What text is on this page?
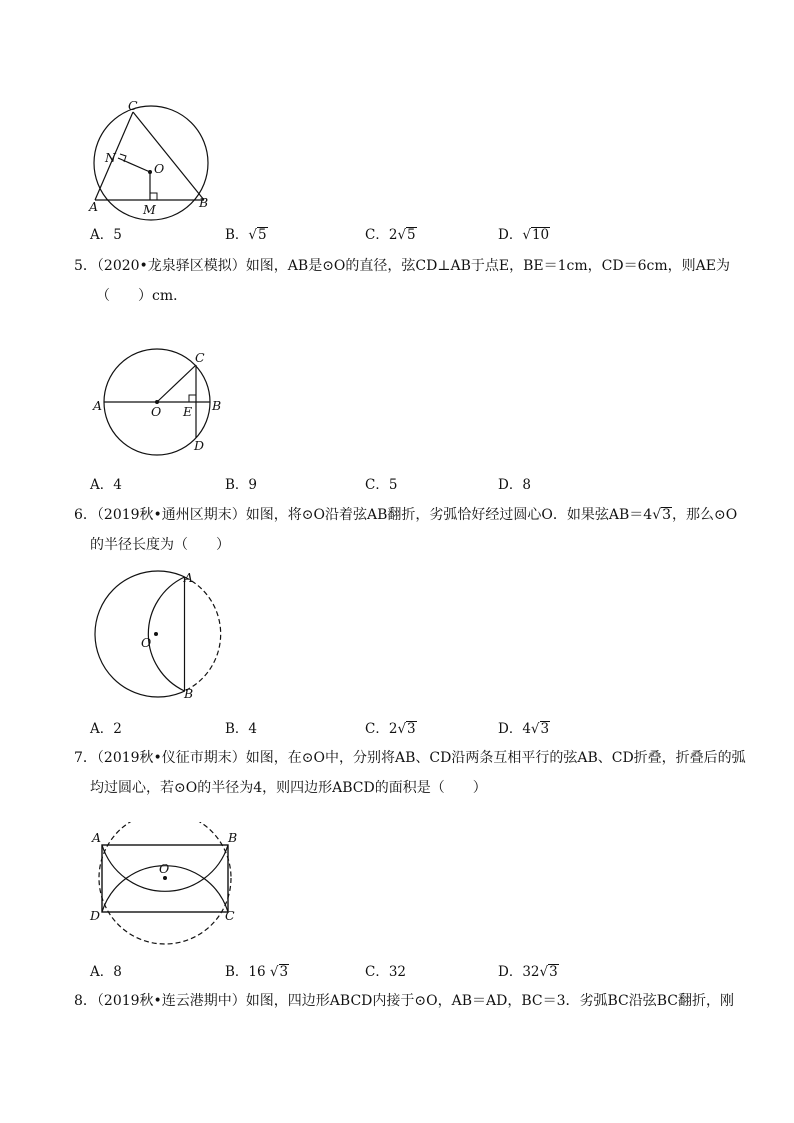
C
N
O
A	M	B
A．5	B．√5	C．2√5	D．√10
5．（2020•龙泉驿区模拟）如图，AB是⊙O的直径，弦CD⊥AB于点E，BE＝1cm，CD＝6cm，则AE为
（　　）cm．
A	O E B
C
D
A．4	B．9	C．5	D．8
6．（2019秋•通州区期末）如图，将⊙O沿着弦AB翻折，劣弧恰好经过圆心O．如果弦AB＝4√3，那么⊙O
的半径长度为（　　）
A
O
B
A．2	B．4	C．2√3	D．4√3
7．（2019秋•仪征市期末）如图，在⊙O中，分别将AB、CD沿两条互相平行的弦AB、CD折叠，折叠后的弧
均过圆心，若⊙O的半径为4，则四边形ABCD的面积是（　　）
A	B
O
D	C
A．8	B．16 √3	C．32	D．32√3
8．（2019秋•连云港期中）如图，四边形ABCD内接于⊙O，AB＝AD，BC＝3．劣弧BC沿弦BC翻折，刚
